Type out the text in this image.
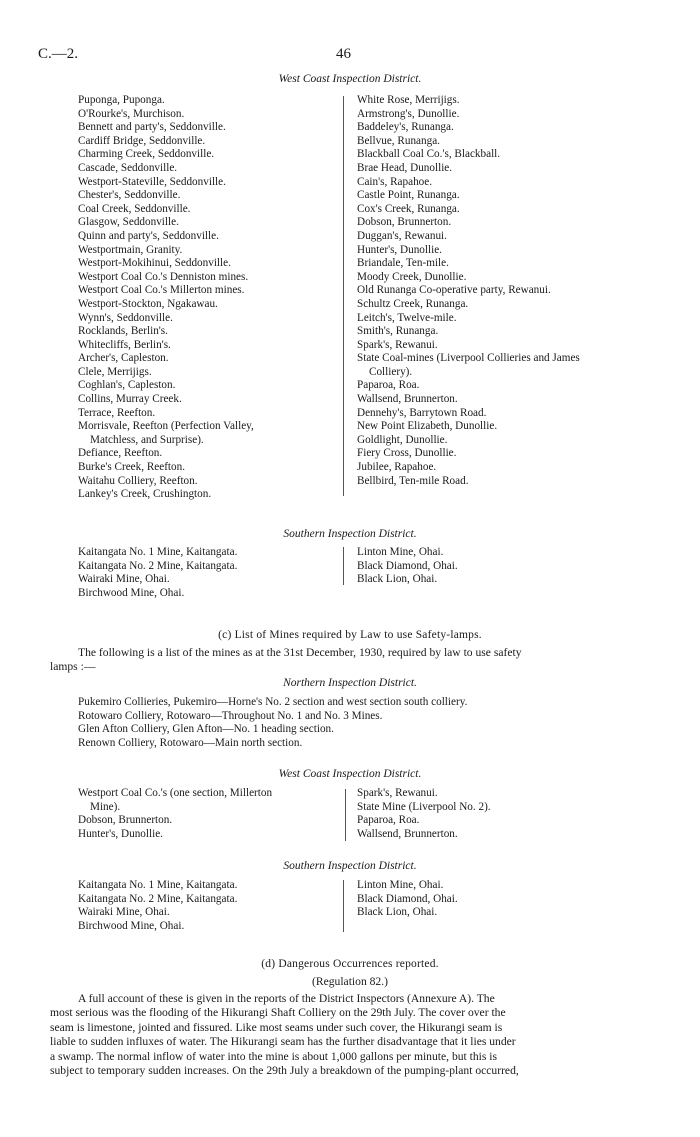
C.—2.	46
West Coast Inspection District.
Puponga, Puponga.
O'Rourke's, Murchison.
Bennett and party's, Seddonville.
Cardiff Bridge, Seddonville.
Charming Creek, Seddonville.
Cascade, Seddonville.
Westport-Stateville, Seddonville.
Chester's, Seddonville.
Coal Creek, Seddonville.
Glasgow, Seddonville.
Quinn and party's, Seddonville.
Westportmain, Granity.
Westport-Mokihinui, Seddonville.
Westport Coal Co.'s Denniston mines.
Westport Coal Co.'s Millerton mines.
Westport-Stockton, Ngakawau.
Wynn's, Seddonville.
Rocklands, Berlin's.
Whitecliffs, Berlin's.
Archer's, Capleston.
Clele, Merrijigs.
Coghlan's, Capleston.
Collins, Murray Creek.
Terrace, Reefton.
Morrisvale, Reefton (Perfection Valley,
Matchless, and Surprise).
Defiance, Reefton.
Burke's Creek, Reefton.
Waitahu Colliery, Reefton.
Lankey's Creek, Crushington.
White Rose, Merrijigs.
Armstrong's, Dunollie.
Baddeley's, Runanga.
Bellvue, Runanga.
Blackball Coal Co.'s, Blackball.
Brae Head, Dunollie.
Cain's, Rapahoe.
Castle Point, Runanga.
Cox's Creek, Runanga.
Dobson, Brunnerton.
Duggan's, Rewanui.
Hunter's, Dunollie.
Briandale, Ten-mile.
Moody Creek, Dunollie.
Old Runanga Co-operative party, Rewanui.
Schultz Creek, Runanga.
Leitch's, Twelve-mile.
Smith's, Runanga.
Spark's, Rewanui.
State Coal-mines (Liverpool Collieries and James
Colliery).
Paparoa, Roa.
Wallsend, Brunnerton.
Dennehy's, Barrytown Road.
New Point Elizabeth, Dunollie.
Goldlight, Dunollie.
Fiery Cross, Dunollie.
Jubilee, Rapahoe.
Bellbird, Ten-mile Road.
Southern Inspection District.
Kaitangata No. 1 Mine, Kaitangata.
Kaitangata No. 2 Mine, Kaitangata.
Wairaki Mine, Ohai.
Birchwood Mine, Ohai.
Linton Mine, Ohai.
Black Diamond, Ohai.
Black Lion, Ohai.
(c) List of Mines required by Law to use Safety-lamps.
The following is a list of the mines as at the 31st December, 1930, required by law to use safety
lamps :—
Northern Inspection District.
Pukemiro Collieries, Pukemiro—Horne's No. 2 section and west section south colliery.
Rotowaro Colliery, Rotowaro—Throughout No. 1 and No. 3 Mines.
Glen Afton Colliery, Glen Afton—No. 1 heading section.
Renown Colliery, Rotowaro—Main north section.
West Coast Inspection District.
Westport Coal Co.'s (one section, Millerton
Mine).
Dobson, Brunnerton.
Hunter's, Dunollie.
Spark's, Rewanui.
State Mine (Liverpool No. 2).
Paparoa, Roa.
Wallsend, Brunnerton.
Southern Inspection District.
Kaitangata No. 1 Mine, Kaitangata.
Kaitangata No. 2 Mine, Kaitangata.
Wairaki Mine, Ohai.
Birchwood Mine, Ohai.
Linton Mine, Ohai.
Black Diamond, Ohai.
Black Lion, Ohai.
(d) Dangerous Occurrences reported.
(Regulation 82.)
A full account of these is given in the reports of the District Inspectors (Annexure A). The
most serious was the flooding of the Hikurangi Shaft Colliery on the 29th July. The cover over the
seam is limestone, jointed and fissured. Like most seams under such cover, the Hikurangi seam is
liable to sudden influxes of water. The Hikurangi seam has the further disadvantage that it lies under
a swamp. The normal inflow of water into the mine is about 1,000 gallons per minute, but this is
subject to temporary sudden increases. On the 29th July a breakdown of the pumping-plant occurred,
